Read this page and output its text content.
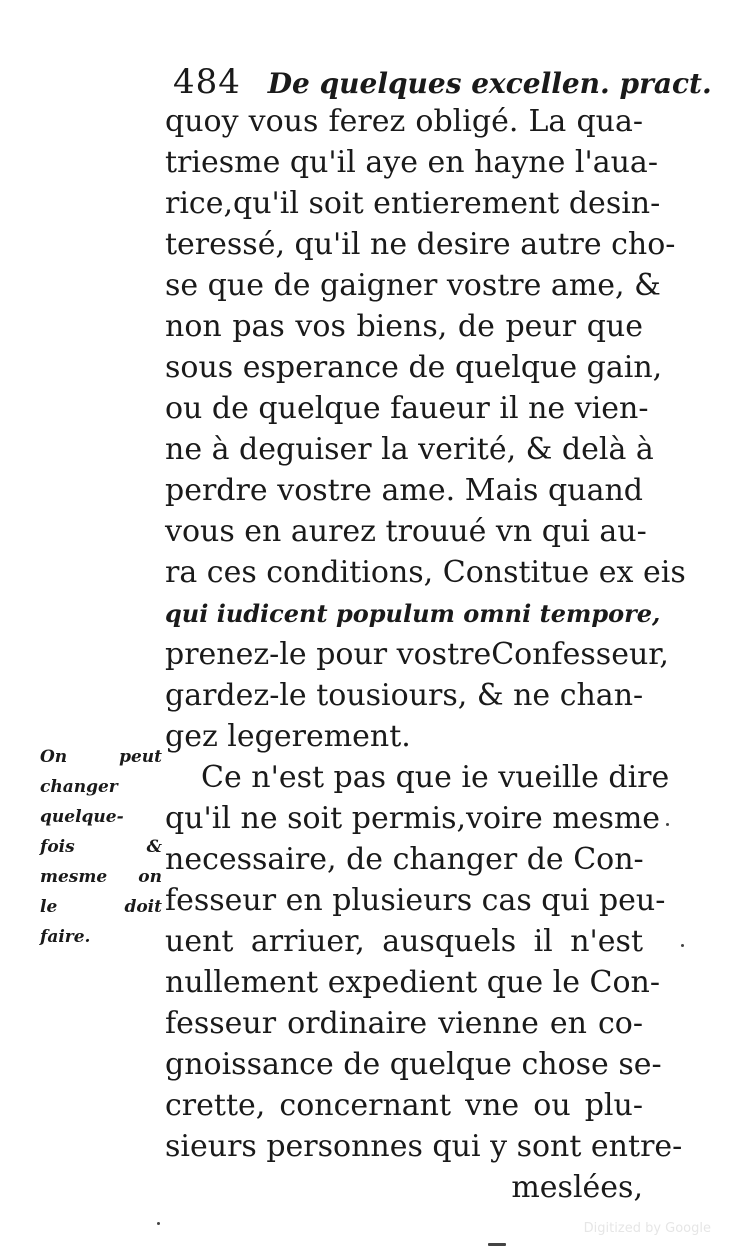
484 De quelques excellen. pract.
quoy vous ferez obligé. La qua-
triesme qu'il aye en hayne l'aua-
rice,qu'il soit entierement desin-
teressé, qu'il ne desire autre cho-
se que de gaigner vostre ame, &
non pas vos biens, de peur que
sous esperance de quelque gain,
ou de quelque faueur il ne vien-
ne à deguiser la verité, & delà à
perdre vostre ame. Mais quand
vous en aurez trouué vn qui au-
ra ces conditions, Constitue ex eis
qui iudicent populum omni tempore,
prenez-le pour vostreConfesseur,
gardez-le tousiours, & ne chan-
gez legerement.
Ce n'est pas que ie vueille dire
qu'il ne soit permis,voire mesme
necessaire, de changer de Con-
fesseur en plusieurs cas qui peu-
uent arriuer, ausquels il n'est
nullement expedient que le Con-
fesseur ordinaire vienne en co-
gnoissance de quelque chose se-
crette, concernant vne ou plu-
sieurs personnes qui y sont entre-
meslées,
On peut
changer
quelque-
fois &
mesme on
le doit
faire.
Digitized by Google
